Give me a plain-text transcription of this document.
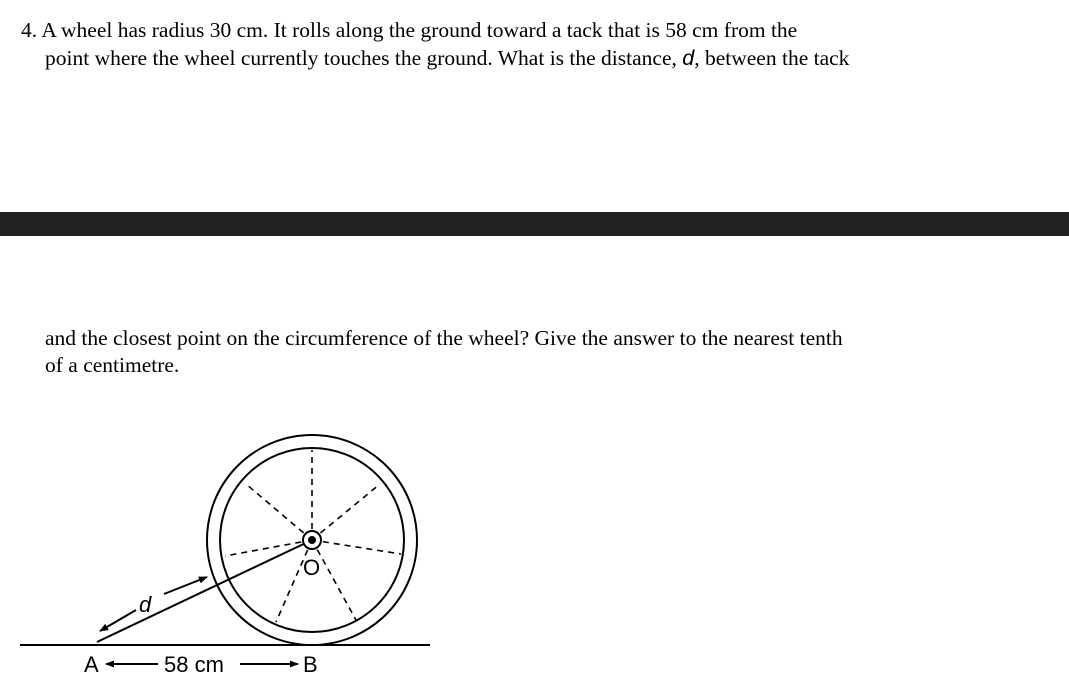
4. A wheel has radius 30 cm. It rolls along the ground toward a tack that is 58 cm from the
point where the wheel currently touches the ground. What is the distance, d, between the tack
and the closest point on the circumference of the wheel? Give the answer to the nearest tenth
of a centimetre.
d
O
A	58 cm	B
